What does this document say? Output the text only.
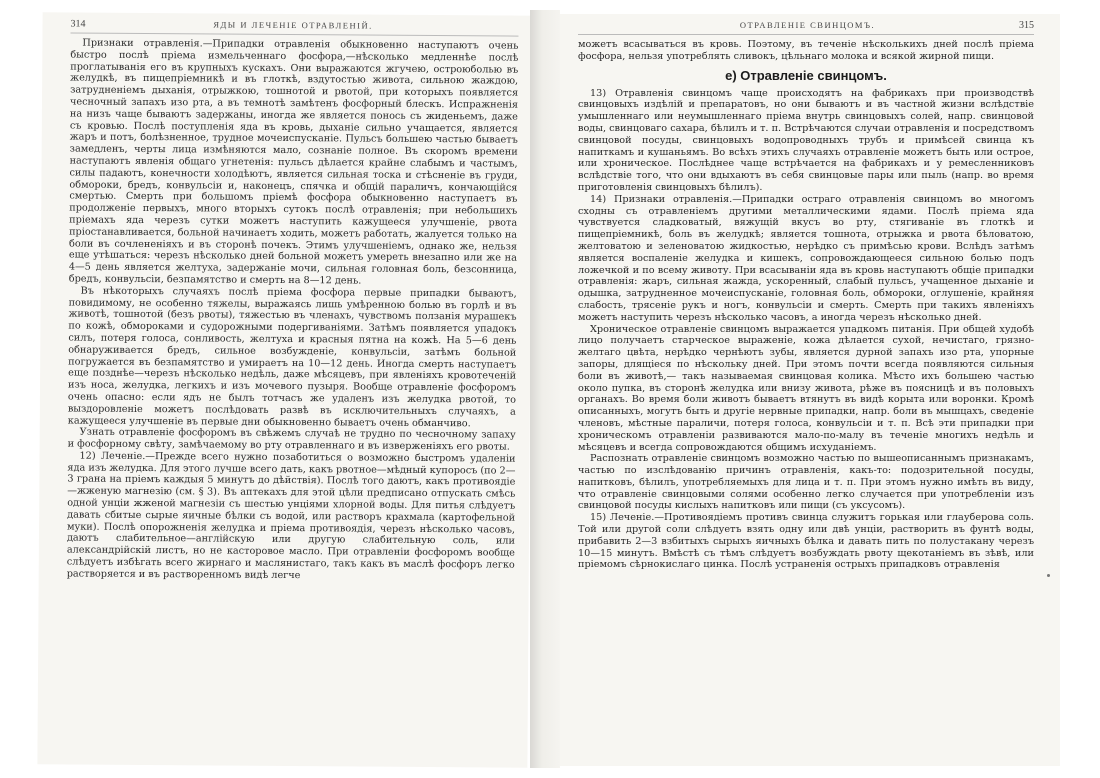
314	ЯДЫ И ЛЕЧЕНІЕ ОТРАВЛЕНІЙ.

Признаки отравленія.—Припадки отравленія обыкновенно наступаютъ очень быстро послѣ пріема измельченнаго фосфора,—нѣсколько медленнѣе послѣ проглатыванія его въ крупныхъ кускахъ. Они выражаются жгучею, остроюболью въ желудкѣ, въ пищепріемникѣ и въ глоткѣ, вздутостью живота, сильною жаждою, затрудненіемъ дыханія, отрыжкою, тошнотой и рвотой, при которыхъ появляется чесночный запахъ изо рта, а въ темнотѣ замѣтенъ фосфорный блескъ. Испражненія на низъ чаще бываютъ задержаны, иногда же является понось съ жиденьемъ, даже съ кровью. Послѣ поступленія яда въ кровь, дыханіе сильно учащается, является жаръ и потъ, болѣзненное, трудное мочеиспусканіе. Пульсъ большею частью бываетъ замедленъ, черты лица измѣняются мало, сознаніе полное. Въ скоромъ времени наступаютъ явленія общаго угнетенія: пульсъ дѣлается крайне слабымъ и частымъ, силы падаютъ, конечности холодѣютъ, является сильная тоска и стѣсненіе въ груди, обмороки, бредъ, конвульсіи и, наконецъ, спячка и общій параличъ, кончающійся смертью. Смерть при большомъ пріемѣ фосфора обыкновенно наступаетъ въ продолженіе первыхъ, много вторыхъ сутокъ послѣ отравленія; при небольшихъ пріемахъ яда черезъ сутки можетъ наступить кажущееся улучшеніе, рвота пріостанавливается, больной начинаетъ ходить, можетъ работать, жалуется только на боли въ сочлененіяхъ и въ сторонѣ почекъ. Этимъ улучшеніемъ, однако же, нельзя еще утѣшаться: черезъ нѣсколько дней больной можетъ умереть внезапно или же на 4—5 день является желтуха, задержаніе мочи, сильная головная боль, безсонница, бредъ, конвульсіи, безпамятство и смерть на 8—12 день.

Въ нѣкоторыхъ случаяхъ послѣ пріема фосфора первые припадки бываютъ, повидимому, не особенно тяжелы, выражаясь лишь умѣренною болью въ горлѣ и въ животѣ, тошнотой (безъ рвоты), тяжестью въ членахъ, чувствомъ ползанія мурашекъ по кожѣ, обмороками и судорожными подергиваніями. Затѣмъ появляется упадокъ силъ, потеря голоса, сонливость, желтуха и красныя пятна на кожѣ. На 5—6 день обнаруживается бредъ, сильное возбужденіе, конвульсіи, затѣмъ больной погружается въ безпамятство и умираетъ на 10—12 день. Иногда смерть наступаетъ еще позднѣе—черезъ нѣсколько недѣль, даже мѣсяцевъ, при явленіяхъ кровотеченій изъ носа, желудка, легкихъ и изъ мочевого пузыря. Вообще отравленіе фосфоромъ очень опасно: если ядъ не былъ тотчасъ же удаленъ изъ желудка рвотой, то выздоровленіе можетъ послѣдовать развѣ въ исключительныхъ случаяхъ, а кажущееся улучшеніе въ первые дни обыкновенно бываетъ очень обманчиво.

Узнать отравленіе фосфоромъ въ свѣжемъ случаѣ не трудно по чесночному запаху и фосфорному свѣту, замѣчаемому во рту отравленнаго и въ изверженіяхъ его рвоты.

12) Леченіе.—Прежде всего нужно позаботиться о возможно быстромъ удаленіи яда изъ желудка. Для этого лучше всего дать, какъ рвотное—мѣдный купоросъ (по 2—3 грана на пріемъ каждыя 5 минутъ до дѣйствія). Послѣ того даютъ, какъ противоядіе—жженую магнезію (см. § 3). Въ аптекахъ для этой цѣли предписано отпускать смѣсь одной унціи жженой магнезіи съ шестью унціями хлорной воды. Для питья слѣдуетъ давать сбитые сырые яичные бѣлки съ водой, или растворъ крахмала (картофельной муки). Послѣ опорожненія желудка и пріема противоядія, черезъ нѣсколько часовъ, даютъ слабительное—англійскую или другую слабительную соль, или александрійскій листъ, но не касторовое масло. При отравленіи фосфоромъ вообще слѣдуетъ избѣгать всего жирнаго и маслянистаго, такъ какъ въ маслѣ фосфоръ легко растворяется и въ растворенномъ видѣ легче

ОТРАВЛЕНІЕ СВИНЦОМЪ.	315

можетъ всасываться въ кровь. Поэтому, въ теченіе нѣсколькихъ дней послѣ пріема фосфора, нельзя употреблять сливокъ, цѣльнаго молока и всякой жирной пищи.

е) Отравленіе свинцомъ.

13) Отравленія свинцомъ чаще происходятъ на фабрикахъ при производствѣ свинцовыхъ издѣлій и препаратовъ, но они бываютъ и въ частной жизни вслѣдствіе умышленнаго или неумышленнаго пріема внутрь свинцовыхъ солей, напр. свинцовой воды, свинцоваго сахара, бѣлилъ и т. п. Встрѣчаются случаи отравленія и посредствомъ свинцовой посуды, свинцовыхъ водопроводныхъ трубъ и примѣсей свинца къ напиткамъ и кушаньямъ. Во всѣхъ этихъ случаяхъ отравленіе можетъ быть или острое, или хроническое. Послѣднее чаще встрѣчается на фабрикахъ и у ремесленниковъ вслѣдствіе того, что они вдыхаютъ въ себя свинцовые пары или пыль (напр. во время приготовленія свинцовыхъ бѣлилъ).

14) Признаки отравленія.—Припадки остраго отравленія свинцомъ во многомъ сходны съ отравленіемъ другими металлическими ядами. Послѣ пріема яда чувствуется сладковатый, вяжущій вкусъ во рту, стягиваніе въ глоткѣ и пищепріемникѣ, боль въ желудкѣ; является тошнота, отрыжка и рвота бѣловатою, желтоватою и зеленоватою жидкостью, нерѣдко съ примѣсью крови. Вслѣдъ затѣмъ является воспаленіе желудка и кишекъ, сопровождающееся сильною болью подъ ложечкой и по всему животу. При всасываніи яда въ кровь наступаютъ общіе припадки отравленія: жаръ, сильная жажда, ускоренный, слабый пульсъ, учащенное дыханіе и одышка, затрудненное мочеиспусканіе, головная боль, обмороки, оглушеніе, крайняя слабость, трясеніе рукъ и ногъ, конвульсіи и смерть. Смерть при такихъ явленіяхъ можетъ наступить черезъ нѣсколько часовъ, а иногда черезъ нѣсколько дней.

Хроническое отравленіе свинцомъ выражается упадкомъ питанія. При общей худобѣ лицо получаетъ старческое выраженіе, кожа дѣлается сухой, нечистаго, грязно-желтаго цвѣта, нерѣдко чернѣютъ зубы, является дурной запахъ изо рта, упорные запоры, длящіеся по нѣскольку дней. При этомъ почти всегда появляются сильныя боли въ животѣ,— такъ называемая свинцовая колика. Мѣсто ихъ большею частью около пупка, въ сторонѣ желудка или внизу живота, рѣже въ поясницѣ и въ половыхъ органахъ. Во время боли животъ бываетъ втянутъ въ видѣ корыта или воронки. Кромѣ описанныхъ, могутъ быть и другіе нервные припадки, напр. боли въ мышцахъ, сведеніе членовъ, мѣстные параличи, потеря голоса, конвульсіи и т. п. Всѣ эти припадки при хроническомъ отравленіи развиваются мало-по-малу въ теченіе многихъ недѣль и мѣсяцевъ и всегда сопровождаются общимъ исхуданіемъ.

Распознать отравленіе свинцомъ возможно частью по вышеописаннымъ признакамъ, частью по изслѣдованію причинъ отравленія, какъ-то: подозрительной посуды, напитковъ, бѣлилъ, употребляемыхъ для лица и т. п. При этомъ нужно имѣть въ виду, что отравленіе свинцовыми солями особенно легко случается при употребленіи изъ свинцовой посуды кислыхъ напитковъ или пищи (съ уксусомъ).

15) Леченіе.—Противоядіемъ противъ свинца служитъ горькая или глауберова соль. Той или другой соли слѣдуетъ взять одну или двѣ унціи, растворить въ фунтѣ воды, прибавить 2—3 взбитыхъ сырыхъ яичныхъ бѣлка и давать пить по полустакану черезъ 10—15 минутъ. Вмѣстѣ съ тѣмъ слѣдуетъ возбуждать рвоту щекотаніемъ въ зѣвѣ, или пріемомъ сѣрнокислаго цинка. Послѣ устраненія острыхъ припадковъ отравленія
